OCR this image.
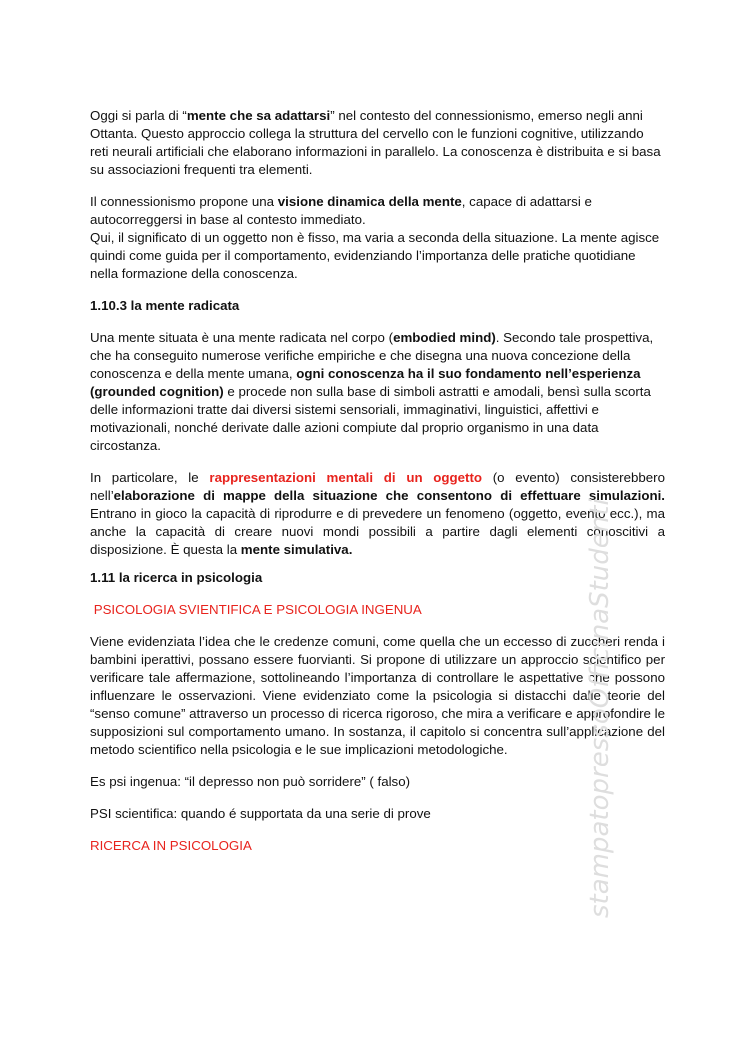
Oggi si parla di “mente che sa adattarsi” nel contesto del connessionismo, emerso negli anni Ottanta. Questo approccio collega la struttura del cervello con le funzioni cognitive, utilizzando reti neurali artificiali che elaborano informazioni in parallelo. La conoscenza è distribuita e si basa su associazioni frequenti tra elementi.

Il connessionismo propone una visione dinamica della mente, capace di adattarsi e autocorreggersi in base al contesto immediato.
Qui, il significato di un oggetto non è fisso, ma varia a seconda della situazione. La mente agisce quindi come guida per il comportamento, evidenziando l’importanza delle pratiche quotidiane nella formazione della conoscenza.

1.10.3 la mente radicata

Una mente situata è una mente radicata nel corpo (embodied mind). Secondo tale prospettiva, che ha conseguito numerose verifiche empiriche e che disegna una nuova concezione della conoscenza e della mente umana, ogni conoscenza ha il suo fondamento nell’esperienza (grounded cognition) e procede non sulla base di simboli astratti e amodali, bensì sulla scorta delle informazioni tratte dai diversi sistemi sensoriali, immaginativi, linguistici, affettivi e motivazionali, nonché derivate dalle azioni compiute dal proprio organismo in una data circostanza.

In particolare, le rappresentazioni mentali di un oggetto (o evento) consisterebbero nell’elaborazione di mappe della situazione che consentono di effettuare simulazioni. Entrano in gioco la capacità di riprodurre e di prevedere un fenomeno (oggetto, evento ecc.), ma anche la capacità di creare nuovi mondi possibili a partire dagli elementi conoscitivi a disposizione. È questa la mente simulativa.

1.11 la ricerca in psicologia

PSICOLOGIA SVIENTIFICA E PSICOLOGIA INGENUA

Viene evidenziata l’idea che le credenze comuni, come quella che un eccesso di zuccheri renda i bambini iperattivi, possano essere fuorvianti. Si propone di utilizzare un approccio scientifico per verificare tale affermazione, sottolineando l’importanza di controllare le aspettative che possono influenzare le osservazioni. Viene evidenziato come la psicologia si distacchi dalle teorie del “senso comune” attraverso un processo di ricerca rigoroso, che mira a verificare e approfondire le supposizioni sul comportamento umano. In sostanza, il capitolo si concentra sull’applicazione del metodo scientifico nella psicologia e le sue implicazioni metodologiche.

Es psi ingenua: “il depresso non può sorridere” ( falso)

PSI scientifica: quando é supportata da una serie di prove

RICERCA IN PSICOLOGIA	stampatopressoOfficinaStudenti
